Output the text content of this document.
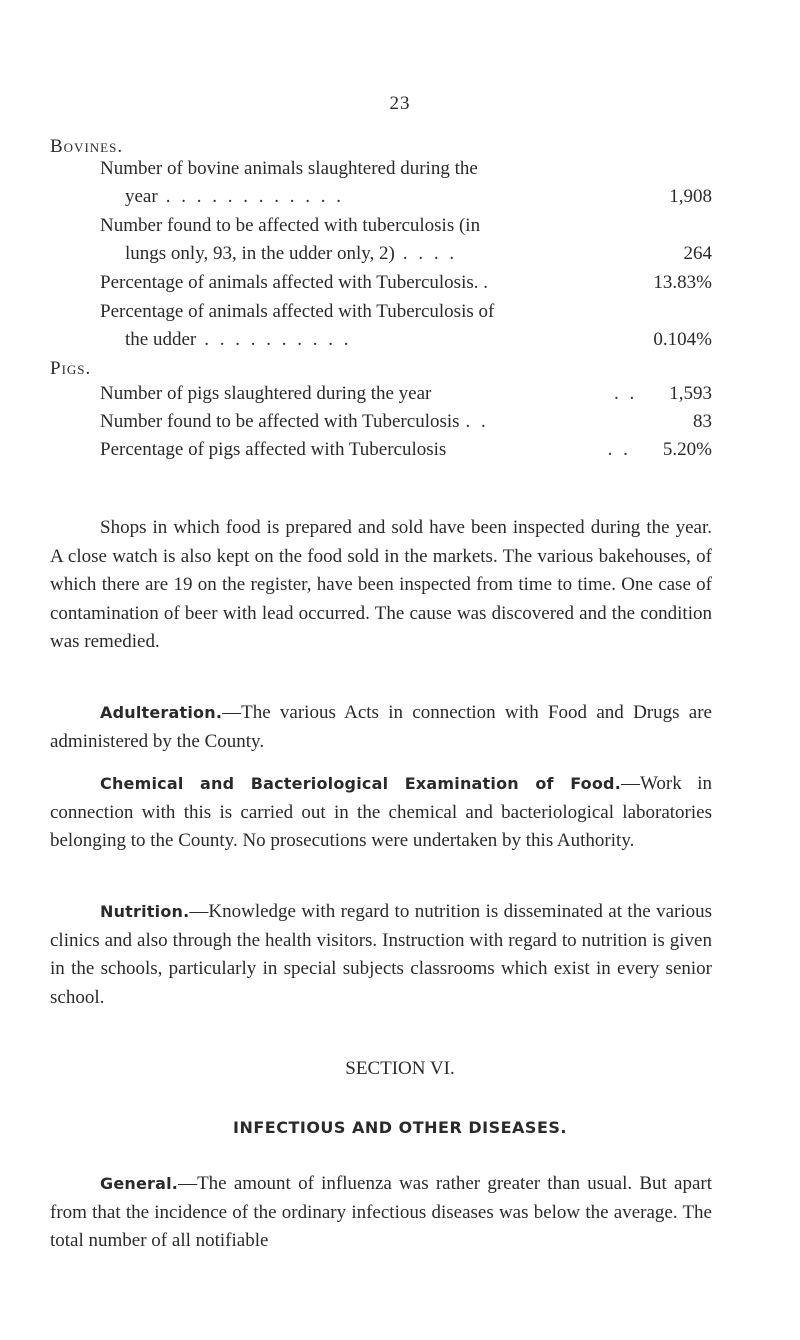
23
Bovines.
Number of bovine animals slaughtered during the
year . . . . . . . . . . . .	1,908
Number found to be affected with tuberculosis (in
lungs only, 93, in the udder only, 2) . . . .	264
Percentage of animals affected with Tuberculosis. .	13.83%
Percentage of animals affected with Tuberculosis of
the udder . . . . . . . . . .	0.104%
Pigs.
Number of pigs slaughtered during the year	. .	1,593
Number found to be affected with Tuberculosis . .	83
Percentage of pigs affected with Tuberculosis	. .	5.20%

Shops in which food is prepared and sold have been inspected during the year. A close watch is also kept on the food sold in the markets. The various bakehouses, of which there are 19 on the register, have been inspected from time to time. One case of contamination of beer with lead occurred. The cause was discovered and the condition was remedied.

Adulteration.—The various Acts in connection with Food and Drugs are administered by the County.

Chemical and Bacteriological Examination of Food.—Work in connection with this is carried out in the chemical and bacteriological laboratories belonging to the County. No prosecutions were undertaken by this Authority.

Nutrition.—Knowledge with regard to nutrition is disseminated at the various clinics and also through the health visitors. Instruction with regard to nutrition is given in the schools, particularly in special subjects classrooms which exist in every senior school.

SECTION VI.
INFECTIOUS AND OTHER DISEASES.

General.—The amount of influenza was rather greater than usual. But apart from that the incidence of the ordinary infectious diseases was below the average. The total number of all notifiable
